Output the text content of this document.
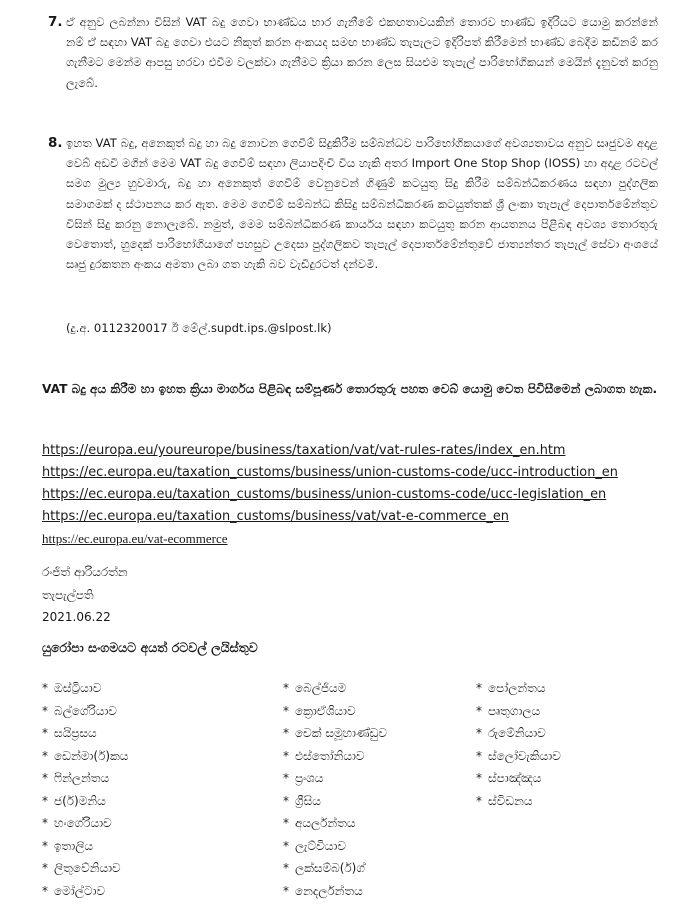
7. ඒ අනුව ලබන්නා විසින් VAT බදු ගෙවා භාණ්ඩය භාර ගැනීමේ එකඟතාවයකින් තොරව භාණ්ඩ ඉදිරියට යොමු කරන්නේ නම් ඒ සඳහා VAT බදු ගෙවා එයට නිකුත් කරන අංකයද සමඟ භාණ්ඩ තැපැලට ඉදිරිපත් කිරීමෙන් භාණ්ඩ බෙදීම කඩිනම් කර ගැනීමට මෙන්ම ආපසු හරවා එවීම වලක්වා ගැනීමට ක්‍රියා කරන ලෙස සියළුම තැපැල් පාරිභෝගිකයන් මෙයින් දැනුවත් කරනු ලැබේ.
8. ඉහත VAT බදු, අනෙකුත් බදු හා බදු නොවන ගෙවීම් සිදුකිරීම සම්බන්ධව පාරිභෝගිකයාගේ අවශ්‍යතාවය අනුව සෘජුවම අදාළ වෙබ් අඩවි මගින් මෙම VAT බදු ගෙවීම් සඳහා ලියාපදිංචි විය හැකි අතර Import One Stop Shop (IOSS) හා අදාළ රටවල් සමග මුල්‍ය හුවමාරු, බදු හා අනෙකුත් ගෙවීම් වෙනුවෙන් ගිණුම් කටයුතු සිදු කිරීම සම්බන්ධීකරණය සඳහා පුද්ගලික සමාගමක් ද ස්ථාපනය කර ඇත. මෙම ගෙවීම් සම්බන්ධ කිසිදු සම්බන්ධීකරණ කටයුත්තක් ශ්‍රී ලංකා තැපැල් දෙපාර්තමේන්තුව විසින් සිදු කරනු නොලැබේ. නමුත්, මෙම සම්බන්ධීකරණ කාර්යය සඳහා කටයුතු කරන ආයතනය පිළිබඳ අවශ්‍ය තොරතුරු වෙතොත්, හුදෙක් පාරිභෝගියාගේ පහසුව උදෙසා පුද්ගලිකව තැපැල් දෙපාර්තමේන්තුවේ ජාත්‍යන්තර තැපැල් සේවා අංශයේ සෘජු දුරකතන අංකය අමතා ලබා ගත හැකි බව වැඩිදුරටත් දන්වමි.
(දු.අ. 0112320017 ඊ මේල්.supdt.ips.@slpost.lk)
VAT බදු අය කිරීම හා ඉහත ක්‍රියා මාර්ගය පිළිබඳ සම්පූර්ණ තොරතුරු පහත වෙබ් යොමු වෙත පිවිසීමෙන් ලබාගත හැක.
https://europa.eu/youreurope/business/taxation/vat/vat-rules-rates/index_en.htm
https://ec.europa.eu/taxation_customs/business/union-customs-code/ucc-introduction_en
https://ec.europa.eu/taxation_customs/business/union-customs-code/ucc-legislation_en
https://ec.europa.eu/taxation_customs/business/vat/vat-e-commerce_en
https://ec.europa.eu/vat-ecommerce
රංජිත් ආරියරත්න
තැපැල්පති
2021.06.22
යුරෝපා සංගමයට අයත් රටවල් ලයිස්තුව
* ඔස්ට්‍රියාව
* බල්ගේරියාව
* සයිප්‍රසය
* ඩෙන්මා(ර්)කය
* ෆින්ලන්තය
* ජ(ර්)මනිය
* හංගේරියාව
* ඉතාලිය
* ලිතුවේනියාව
* මෝල්ටාව
* බෙල්ජියම
* ක්‍රොඒශියාව
* චෙක් සමූහාණ්ඩුව
* එස්තෝනියාව
* ප්‍රංශය
* ග්‍රීසිය
* අයර්ලන්තය
* ලැට්වියාව
* ලක්සම්බ(ර්)ග්
* නෙදර්ලන්තය
* පෝලන්තය
* පෘතුගාලය
* රුමේනියාව
* ස්ලෝවැකියාව
* ස්පාඤ්ඤය
* ස්විඩනය
